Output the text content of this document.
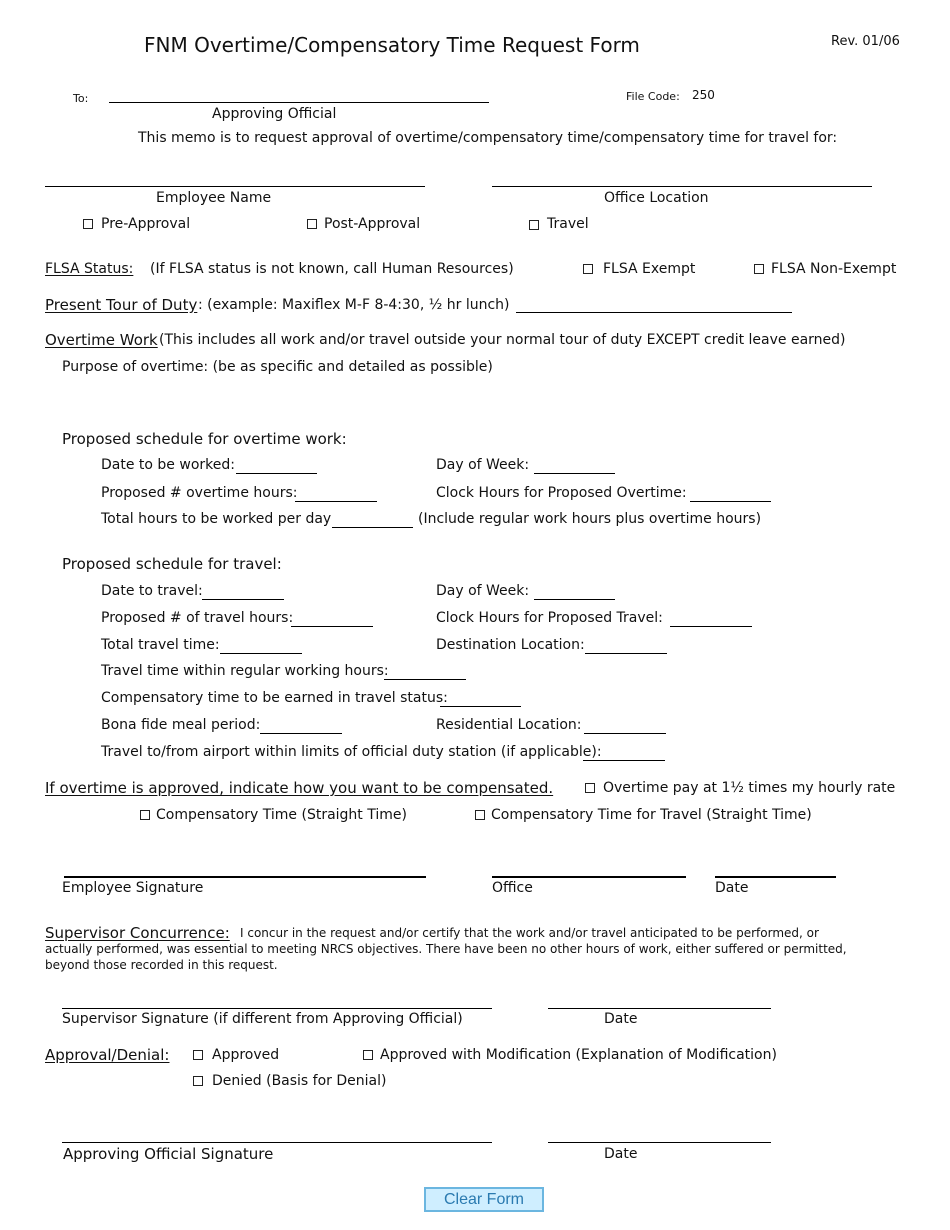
FNM Overtime/Compensatory Time Request Form	Rev. 01/06
To:
Approving Official
File Code: 250
This memo is to request approval of overtime/compensatory time/compensatory time for travel for:
Employee Name	Office Location
Pre-Approval	Post-Approval	Travel
FLSA Status: (If FLSA status is not known, call Human Resources)	FLSA Exempt	FLSA Non-Exempt
Present Tour of Duty : (example: Maxiflex M-F 8-4:30, ½ hr lunch)
Overtime Work (This includes all work and/or travel outside your normal tour of duty EXCEPT credit leave earned)
Purpose of overtime: (be as specific and detailed as possible)
Proposed schedule for overtime work:
Date to be worked:	Day of Week:
Proposed # overtime hours:	Clock Hours for Proposed Overtime:
Total hours to be worked per day	(Include regular work hours plus overtime hours)
Proposed schedule for travel:
Date to travel:	Day of Week:
Proposed # of travel hours:	Clock Hours for Proposed Travel:
Total travel time:	Destination Location:
Travel time within regular working hours:
Compensatory time to be earned in travel status:
Bona fide meal period:	Residential Location:
Travel to/from airport within limits of official duty station (if applicable):
If overtime is approved, indicate how you want to be compensated.	Overtime pay at 1½ times my hourly rate
Compensatory Time (Straight Time)	Compensatory Time for Travel (Straight Time)
Employee Signature	Office	Date
Supervisor Concurrence: I concur in the request and/or certify that the work and/or travel anticipated to be performed, or
actually performed, was essential to meeting NRCS objectives. There have been no other hours of work, either suffered or permitted,
beyond those recorded in this request.
Supervisor Signature (if different from Approving Official)	Date
Approval/Denial:	Approved	Approved with Modification (Explanation of Modification)
Denied (Basis for Denial)
Approving Official Signature	Date
Clear Form
